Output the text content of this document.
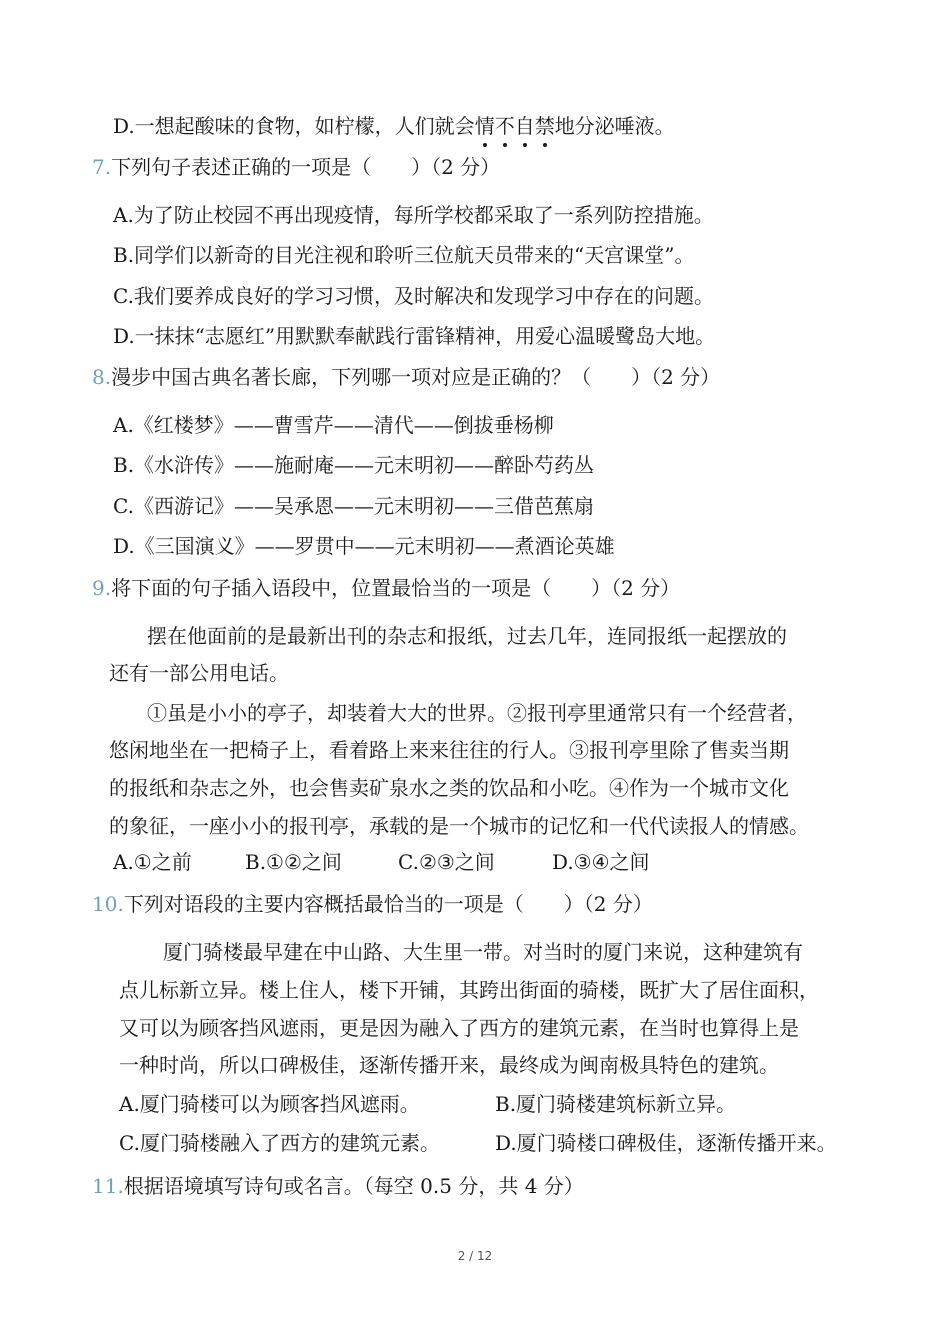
D.一想起酸味的食物，如柠檬，人们就会情不自禁地分泌唾液。
7.下列句子表述正确的一项是（　　）（2 分）
A.为了防止校园不再出现疫情，每所学校都采取了一系列防控措施。
B.同学们以新奇的目光注视和聆听三位航天员带来的“天宫课堂”。
C.我们要养成良好的学习习惯，及时解决和发现学习中存在的问题。
D.一抹抹“志愿红”用默默奉献践行雷锋精神，用爱心温暖鹭岛大地。
8.漫步中国古典名著长廊，下列哪一项对应是正确的？（　　）（2 分）
A.《红楼梦》——曹雪芹——清代——倒拔垂杨柳
B.《水浒传》——施耐庵——元末明初——醉卧芍药丛
C.《西游记》——吴承恩——元末明初——三借芭蕉扇
D.《三国演义》——罗贯中——元末明初——煮酒论英雄
9.将下面的句子插入语段中，位置最恰当的一项是（　　）（2 分）
摆在他面前的是最新出刊的杂志和报纸，过去几年，连同报纸一起摆放的
还有一部公用电话。
①虽是小小的亭子，却装着大大的世界。②报刊亭里通常只有一个经营者，
悠闲地坐在一把椅子上，看着路上来来往往的行人。③报刊亭里除了售卖当期
的报纸和杂志之外，也会售卖矿泉水之类的饮品和小吃。④作为一个城市文化
的象征，一座小小的报刊亭，承载的是一个城市的记忆和一代代读报人的情感。
A.①之前	B.①②之间	C.②③之间	D.③④之间
10.下列对语段的主要内容概括最恰当的一项是（　　）（2 分）
厦门骑楼最早建在中山路、大生里一带。对当时的厦门来说，这种建筑有
点儿标新立异。楼上住人，楼下开铺，其跨出街面的骑楼，既扩大了居住面积，
又可以为顾客挡风遮雨，更是因为融入了西方的建筑元素，在当时也算得上是
一种时尚，所以口碑极佳，逐渐传播开来，最终成为闽南极具特色的建筑。
A.厦门骑楼可以为顾客挡风遮雨。	B.厦门骑楼建筑标新立异。
C.厦门骑楼融入了西方的建筑元素。	D.厦门骑楼口碑极佳，逐渐传播开来。
11.根据语境填写诗句或名言。（每空 0.5 分，共 4 分）
2 / 12
